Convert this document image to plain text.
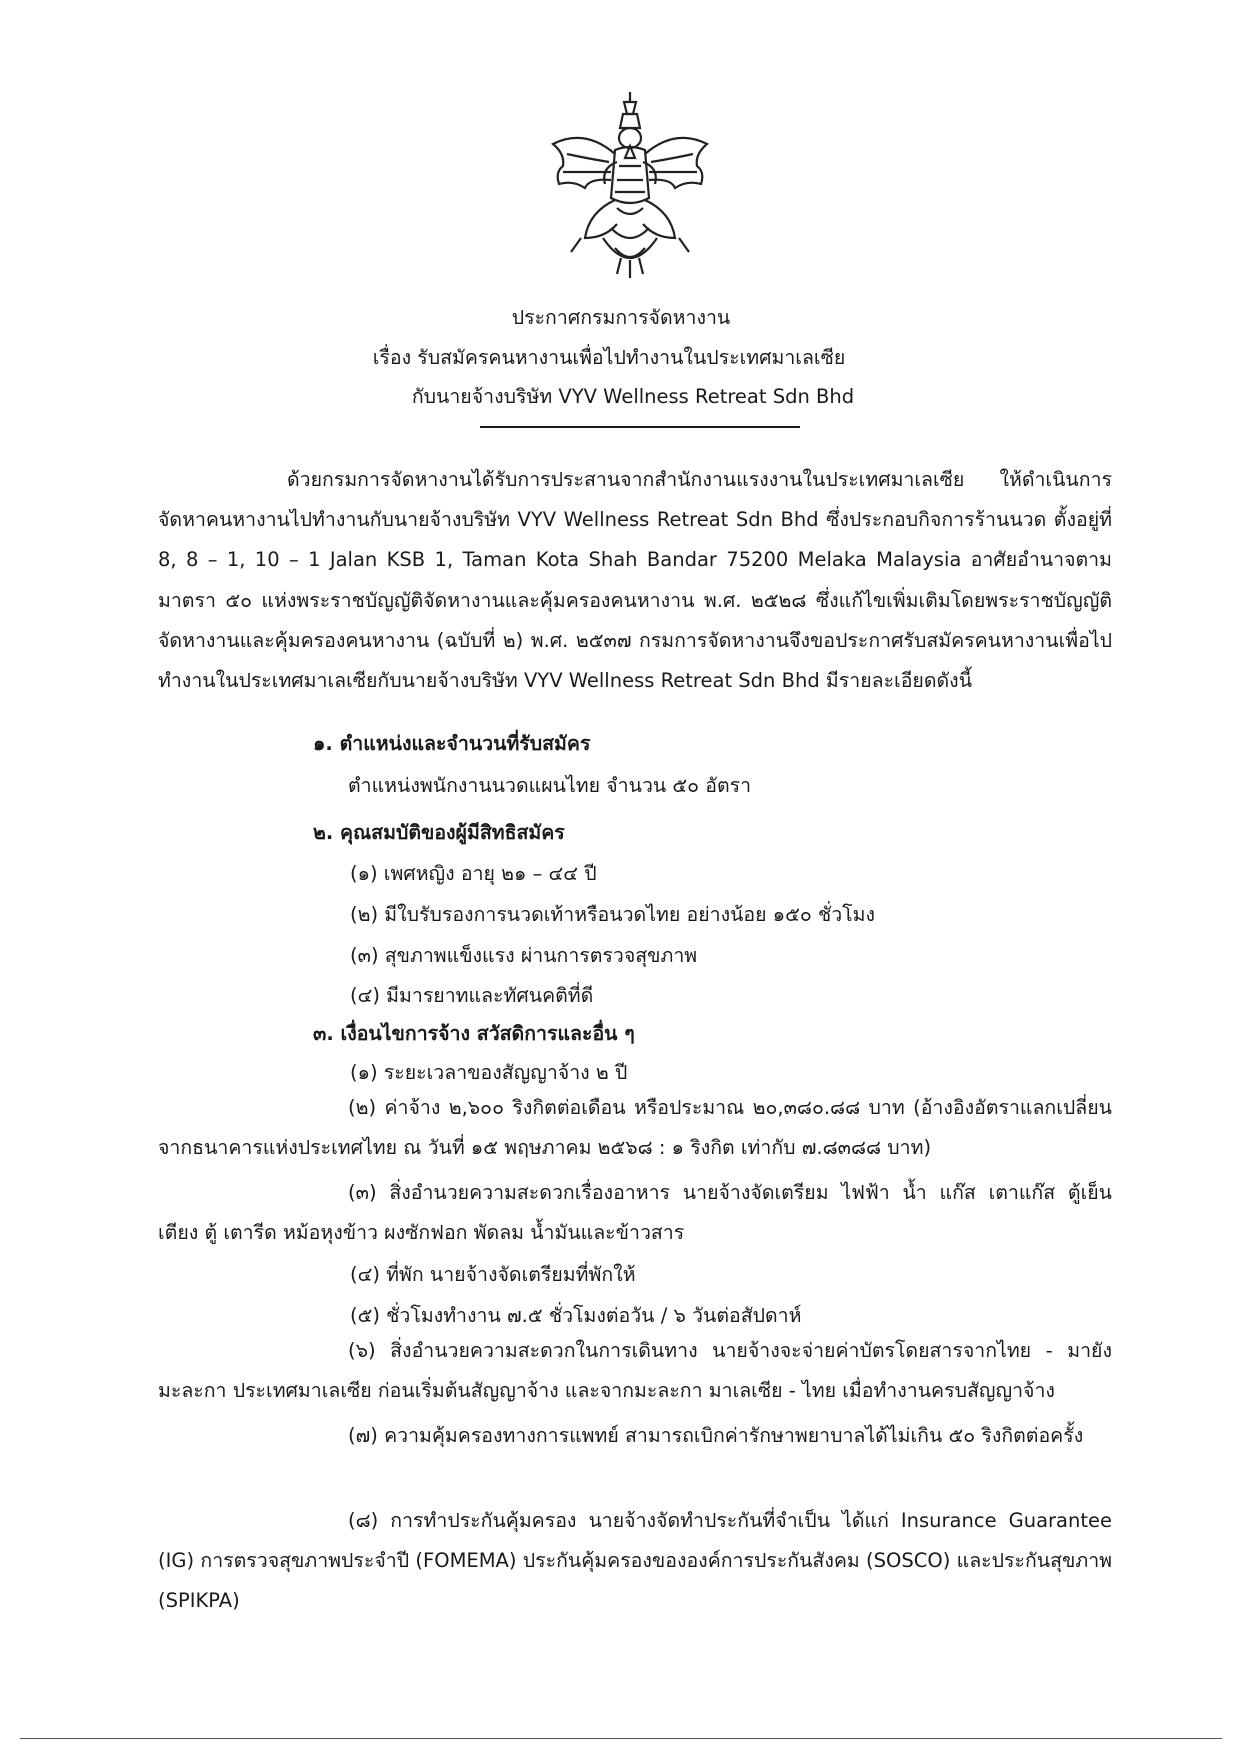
ประกาศกรมการจัดหางาน
เรื่อง รับสมัครคนหางานเพื่อไปทำงานในประเทศมาเลเซีย
กับนายจ้างบริษัท VYV Wellness Retreat Sdn Bhd
ด้วยกรมการจัดหางานได้รับการประสานจากสำนักงานแรงงานในประเทศมาเลเซีย ให้ดำเนินการจัดหาคนหางานไปทำงานกับนายจ้างบริษัท VYV Wellness Retreat Sdn Bhd ซึ่งประกอบกิจการร้านนวด ตั้งอยู่ที่ 8, 8 – 1, 10 – 1 Jalan KSB 1, Taman Kota Shah Bandar 75200 Melaka Malaysia อาศัยอำนาจตามมาตรา ๕๐ แห่งพระราชบัญญัติจัดหางานและคุ้มครองคนหางาน พ.ศ. ๒๕๒๘ ซึ่งแก้ไขเพิ่มเติมโดยพระราชบัญญัติจัดหางานและคุ้มครองคนหางาน (ฉบับที่ ๒) พ.ศ. ๒๕๓๗ กรมการจัดหางานจึงขอประกาศรับสมัครคนหางานเพื่อไปทำงานในประเทศมาเลเซียกับนายจ้างบริษัท VYV Wellness Retreat Sdn Bhd มีรายละเอียดดังนี้
๑. ตำแหน่งและจำนวนที่รับสมัคร
ตำแหน่งพนักงานนวดแผนไทย จำนวน ๕๐ อัตรา
๒. คุณสมบัติของผู้มีสิทธิสมัคร
(๑) เพศหญิง อายุ ๒๑ – ๔๔ ปี
(๒) มีใบรับรองการนวดเท้าหรือนวดไทย อย่างน้อย ๑๕๐ ชั่วโมง
(๓) สุขภาพแข็งแรง ผ่านการตรวจสุขภาพ
(๔) มีมารยาทและทัศนคติที่ดี
๓. เงื่อนไขการจ้าง สวัสดิการและอื่น ๆ
(๑) ระยะเวลาของสัญญาจ้าง ๒ ปี
(๒) ค่าจ้าง ๒,๖๐๐ ริงกิตต่อเดือน หรือประมาณ ๒๐,๓๘๐.๘๘ บาท (อ้างอิงอัตราแลกเปลี่ยนจากธนาคารแห่งประเทศไทย ณ วันที่ ๑๕ พฤษภาคม ๒๕๖๘ : ๑ ริงกิต เท่ากับ ๗.๘๓๘๘ บาท)
(๓) สิ่งอำนวยความสะดวกเรื่องอาหาร นายจ้างจัดเตรียม ไฟฟ้า น้ำ แก๊ส เตาแก๊ส ตู้เย็น เตียง ตู้ เตารีด หม้อหุงข้าว ผงซักฟอก พัดลม น้ำมันและข้าวสาร
(๔) ที่พัก นายจ้างจัดเตรียมที่พักให้
(๕) ชั่วโมงทำงาน ๗.๕ ชั่วโมงต่อวัน / ๖ วันต่อสัปดาห์
(๖) สิ่งอำนวยความสะดวกในการเดินทาง นายจ้างจะจ่ายค่าบัตรโดยสารจากไทย - มายังมะละกา ประเทศมาเลเซีย ก่อนเริ่มต้นสัญญาจ้าง และจากมะละกา มาเลเซีย - ไทย เมื่อทำงานครบสัญญาจ้าง
(๗) ความคุ้มครองทางการแพทย์ สามารถเบิกค่ารักษาพยาบาลได้ไม่เกิน ๕๐ ริงกิตต่อครั้ง
(๘) การทำประกันคุ้มครอง นายจ้างจัดทำประกันที่จำเป็น ได้แก่ Insurance Guarantee (IG) การตรวจสุขภาพประจำปี (FOMEMA) ประกันคุ้มครองขององค์การประกันสังคม (SOSCO) และประกันสุขภาพ (SPIKPA)
